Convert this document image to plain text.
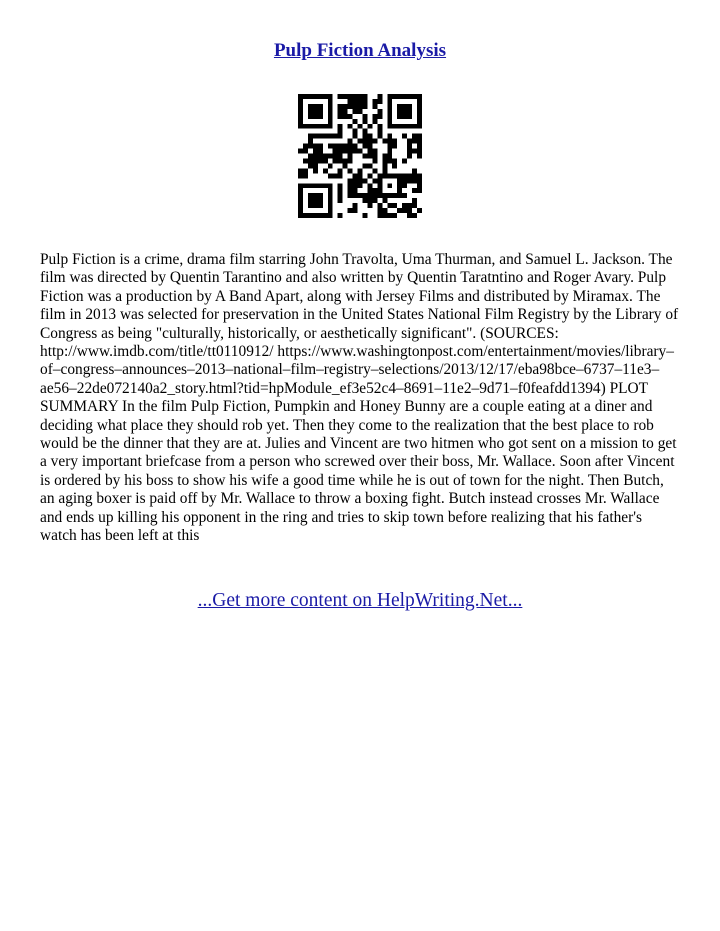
Pulp Fiction Analysis

Pulp Fiction is a crime, drama film starring John Travolta, Uma Thurman, and Samuel L. Jackson. The film was directed by Quentin Tarantino and also written by Quentin Taratntino and Roger Avary. Pulp Fiction was a production by A Band Apart, along with Jersey Films and distributed by Miramax. The film in 2013 was selected for preservation in the United States National Film Registry by the Library of Congress as being "culturally, historically, or aesthetically significant". (SOURCES: http://www.imdb.com/title/tt0110912/ https://www.washingtonpost.com/entertainment/movies/library–of–congress–announces–2013–national–film–registry–selections/2013/12/17/eba98bce–6737–11e3–ae56–22de072140a2_story.html?tid=hpModule_ef3e52c4–8691–11e2–9d71–f0feafdd1394) PLOT SUMMARY In the film Pulp Fiction, Pumpkin and Honey Bunny are a couple eating at a diner and deciding what place they should rob yet. Then they come to the realization that the best place to rob would be the dinner that they are at. Julies and Vincent are two hitmen who got sent on a mission to get a very important briefcase from a person who screwed over their boss, Mr. Wallace. Soon after Vincent is ordered by his boss to show his wife a good time while he is out of town for the night. Then Butch, an aging boxer is paid off by Mr. Wallace to throw a boxing fight. Butch instead crosses Mr. Wallace and ends up killing his opponent in the ring and tries to skip town before realizing that his father's watch has been left at this

...Get more content on HelpWriting.Net...
